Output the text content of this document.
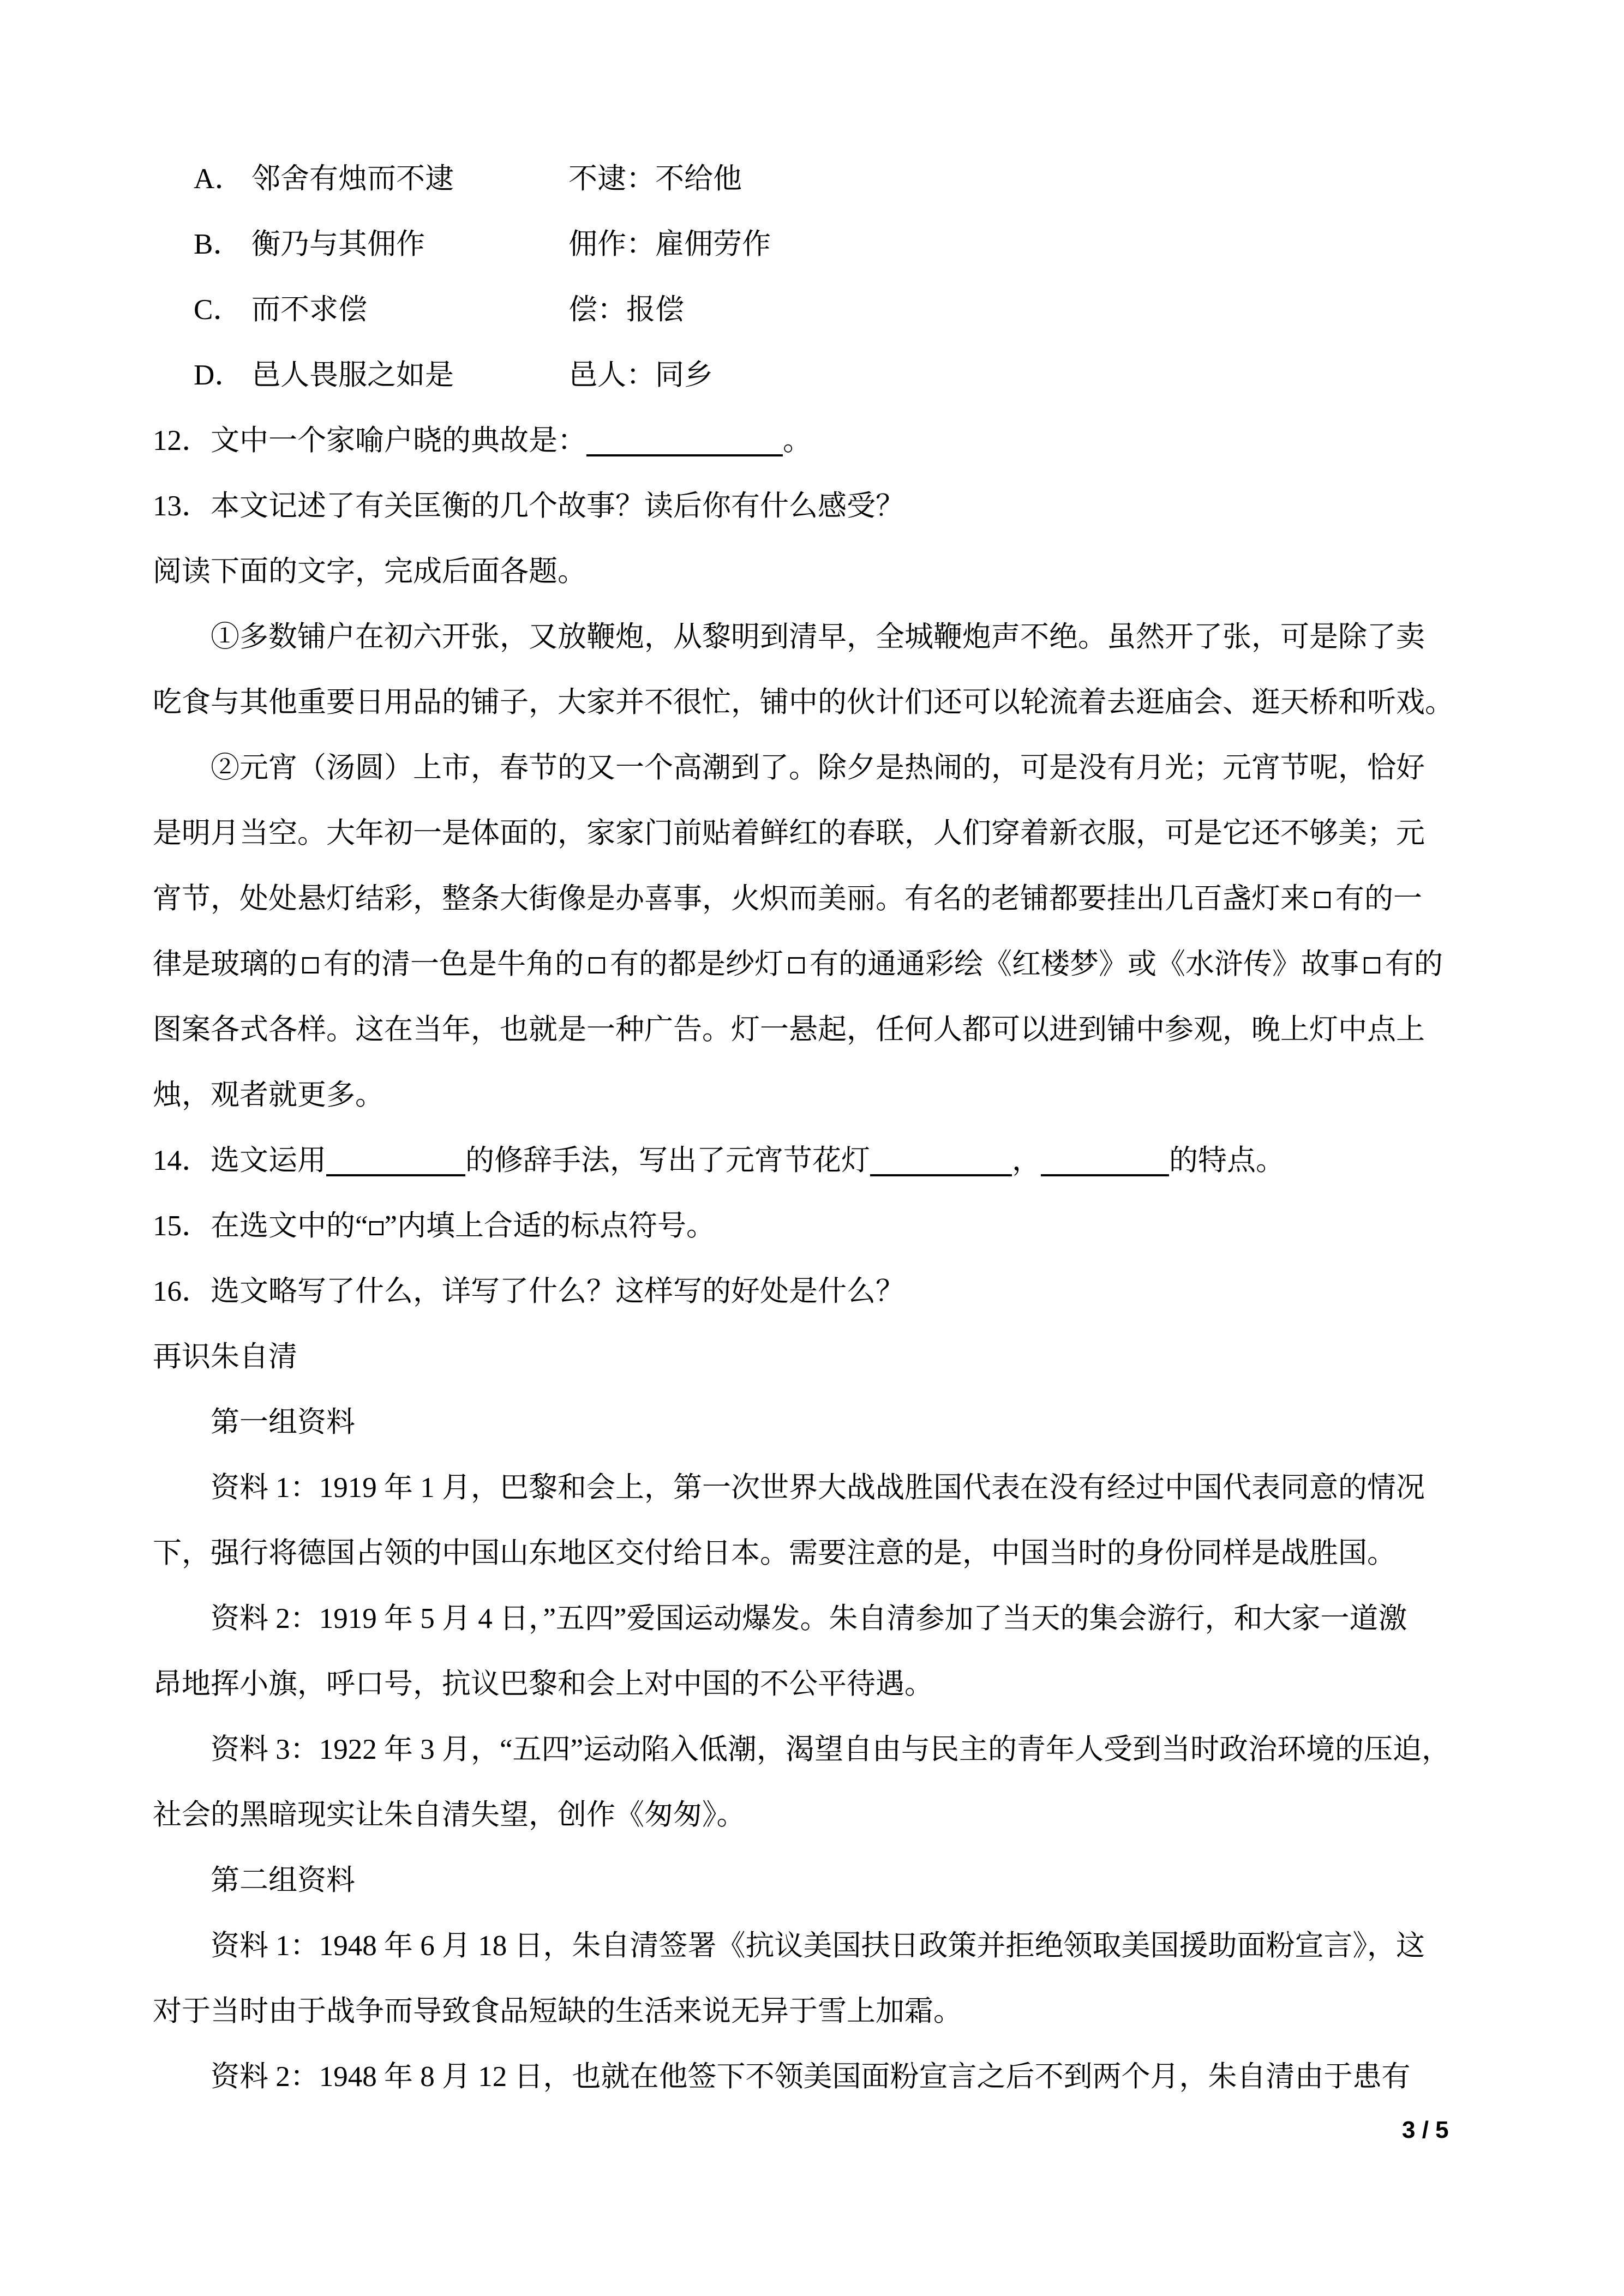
A． 邻舍有烛而不逮	不逮：不给他
B． 衡乃与其佣作	佣作：雇佣劳作
C． 而不求偿	偿：报偿
D． 邑人畏服之如是	邑人：同乡
12．文中一个家喻户晓的典故是：	。
13．本文记述了有关匡衡的几个故事？读后你有什么感受？
阅读下面的文字，完成后面各题。
①多数铺户在初六开张，又放鞭炮，从黎明到清早，全城鞭炮声不绝。虽然开了张，可是除了卖
吃食与其他重要日用品的铺子，大家并不很忙，铺中的伙计们还可以轮流着去逛庙会、逛天桥和听戏。
②元宵（汤圆）上市，春节的又一个高潮到了。除夕是热闹的，可是没有月光；元宵节呢，恰好
是明月当空。大年初一是体面的，家家门前贴着鲜红的春联，人们穿着新衣服，可是它还不够美；元
宵节，处处悬灯结彩，整条大街像是办喜事，火炽而美丽。有名的老铺都要挂出几百盏灯来 有的一
律是玻璃的 有的清一色是牛角的 有的都是纱灯 有的通通彩绘《红楼梦》或《水浒传》故事 有的
图案各式各样。这在当年，也就是一种广告。灯一悬起，任何人都可以进到铺中参观，晚上灯中点上
烛，观者就更多。
14．选文运用	的修辞手法，写出了元宵节花灯	，	的特点。
15．在选文中的“ ”内填上合适的标点符号。
16．选文略写了什么，详写了什么？这样写的好处是什么？
再识朱自清
第一组资料
资料 1：1919 年 1 月，巴黎和会上，第一次世界大战战胜国代表在没有经过中国代表同意的情况
下，强行将德国占领的中国山东地区交付给日本。需要注意的是，中国当时的身份同样是战胜国。
资料 2：1919 年 5 月 4 日，”五四”爱国运动爆发。朱自清参加了当天的集会游行，和大家一道激
昂地挥小旗，呼口号，抗议巴黎和会上对中国的不公平待遇。
资料 3：1922 年 3 月，“五四”运动陷入低潮，渴望自由与民主的青年人受到当时政治环境的压迫，
社会的黑暗现实让朱自清失望，创作《匆匆》。
第二组资料
资料 1：1948 年 6 月 18 日，朱自清签署《抗议美国扶日政策并拒绝领取美国援助面粉宣言》，这
对于当时由于战争而导致食品短缺的生活来说无异于雪上加霜。
资料 2：1948 年 8 月 12 日，也就在他签下不领美国面粉宣言之后不到两个月，朱自清由于患有
3 / 5
